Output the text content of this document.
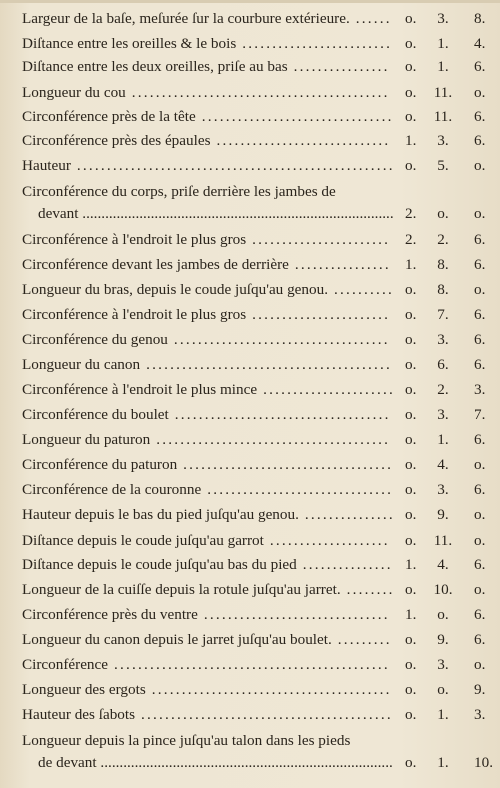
Largeur de la baſe, meſurée ſur la courbure extérieure. ...... o.	3.	8.
Diſtance entre les oreilles & le bois ......................... o.	1.	4.
Diſtance entre les deux oreilles, priſe au bas ................	o.	1.	6.
Longueur du cou ...........................................	o.	11.	o.
Circonférence près de la tête ................................ o.	11.	6.
Circonférence près des épaules ............................. 1.	3.	6.
Hauteur ..................................................... o.	5.	o.
Circonférence du corps, priſe derrière les jambes de
devant .................................................................................. 2.	o.	o.
Circonférence à l'endroit le plus gros ....................... 2.	2.	6.
Circonférence devant les jambes de derrière ................ 1.	8.	6.
Longueur du bras, depuis le coude juſqu'au genou. .......... o.	8.	o.
Circonférence à l'endroit le plus gros ....................... o.	7.	6.
Circonférence du genou ....................................	o.	3.	6.
Longueur du canon ......................................... o.	6.	6.
Circonférence à l'endroit le plus mince ...................... o.	2.	3.
Circonférence du boulet .................................... o.	3.	7.
Longueur du paturon ....................................... o.	1.	6.
Circonférence du paturon ................................... o.	4.	o.
Circonférence de la couronne ............................... o.	3.	6.
Hauteur depuis le bas du pied juſqu'au genou. ............... o.	9.	o.
Diſtance depuis le coude juſqu'au garrot ....................	o.	11.	o.
Diſtance depuis le coude juſqu'au bas du pied ............... 1.	4.	6.
Longueur de la cuiſſe depuis la rotule juſqu'au jarret. ........ o.	10.	o.
Circonférence près du ventre ...............................	1.	o.	6.
Longueur du canon depuis le jarret juſqu'au boulet. ......... o.	9.	6.
Circonférence .............................................. o.	3.	o.
Longueur des ergots ........................................ o.	o.	9.
Hauteur des ſabots .......................................... o.	1.	3.
Longueur depuis la pince juſqu'au talon dans les pieds
de devant ............................................................................. o.	1.	10.
